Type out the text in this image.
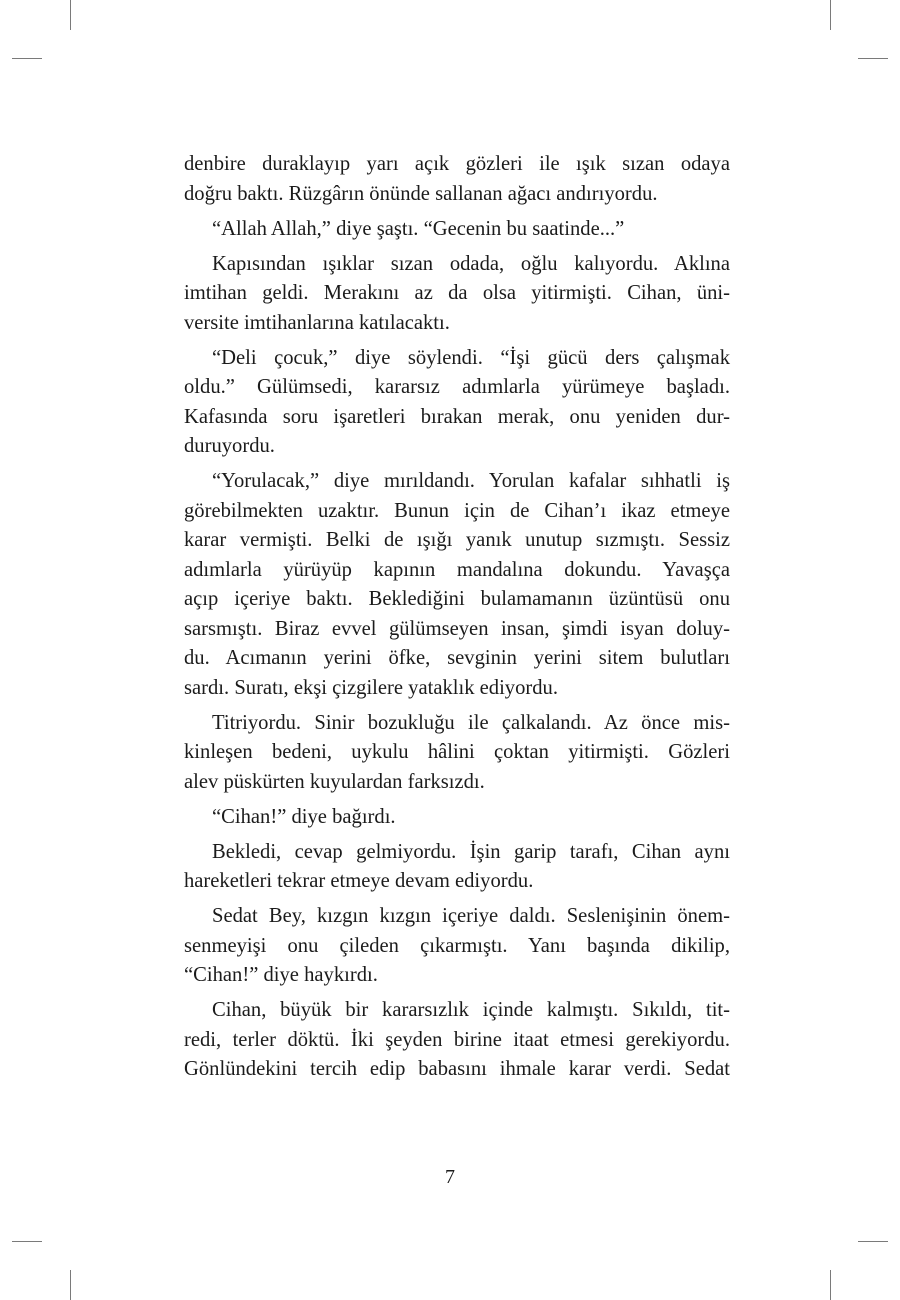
denbire duraklayıp yarı açık gözleri ile ışık sızan odaya
doğru baktı. Rüzgârın önünde sallanan ağacı andırıyordu.
“Allah Allah,” diye şaştı. “Gecenin bu saatinde...”
Kapısından ışıklar sızan odada, oğlu kalıyordu. Aklına
imtihan geldi. Merakını az da olsa yitirmişti. Cihan, üni-
versite imtihanlarına katılacaktı.
“Deli çocuk,” diye söylendi. “İşi gücü ders çalışmak
oldu.” Gülümsedi, kararsız adımlarla yürümeye başladı.
Kafasında soru işaretleri bırakan merak, onu yeniden dur-
duruyordu.
“Yorulacak,” diye mırıldandı. Yorulan kafalar sıhhatli iş
görebilmekten uzaktır. Bunun için de Cihan’ı ikaz etmeye
karar vermişti. Belki de ışığı yanık unutup sızmıştı. Sessiz
adımlarla yürüyüp kapının mandalına dokundu. Yavaşça
açıp içeriye baktı. Beklediğini bulamamanın üzüntüsü onu
sarsmıştı. Biraz evvel gülümseyen insan, şimdi isyan doluy-
du. Acımanın yerini öfke, sevginin yerini sitem bulutları
sardı. Suratı, ekşi çizgilere yataklık ediyordu.
Titriyordu. Sinir bozukluğu ile çalkalandı. Az önce mis-
kinleşen bedeni, uykulu hâlini çoktan yitirmişti. Gözleri
alev püskürten kuyulardan farksızdı.
“Cihan!” diye bağırdı.
Bekledi, cevap gelmiyordu. İşin garip tarafı, Cihan aynı
hareketleri tekrar etmeye devam ediyordu.
Sedat Bey, kızgın kızgın içeriye daldı. Seslenişinin önem-
senmeyişi onu çileden çıkarmıştı. Yanı başında dikilip,
“Cihan!” diye haykırdı.
Cihan, büyük bir kararsızlık içinde kalmıştı. Sıkıldı, tit-
redi, terler döktü. İki şeyden birine itaat etmesi gerekiyordu.
Gönlündekini tercih edip babasını ihmale karar verdi. Sedat
7
